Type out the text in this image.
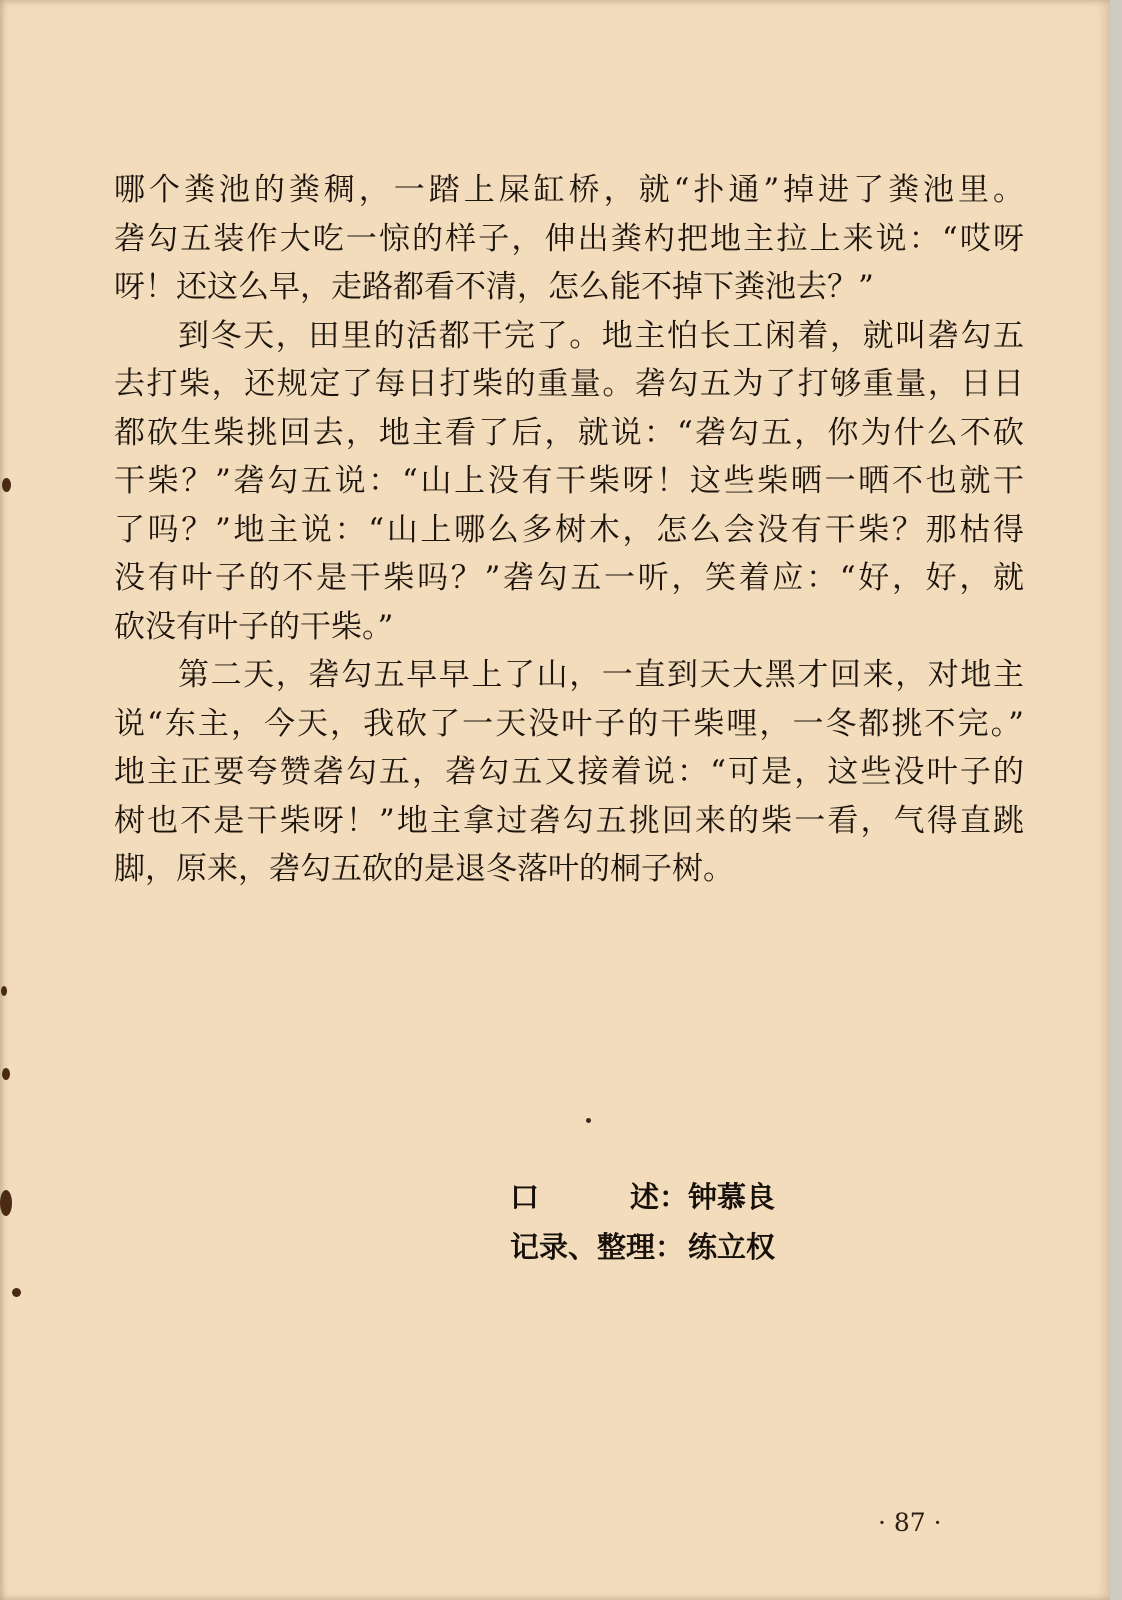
哪个粪池的粪稠，一踏上屎缸桥，就“扑通”掉进了粪池里。
砻勾五装作大吃一惊的样子，伸出粪杓把地主拉上来说：“哎呀
呀！还这么早，走路都看不清，怎么能不掉下粪池去？”
到冬天，田里的活都干完了。地主怕长工闲着，就叫砻勾五
去打柴，还规定了每日打柴的重量。砻勾五为了打够重量，日日
都砍生柴挑回去，地主看了后，就说：“砻勾五，你为什么不砍
干柴？”砻勾五说：“山上没有干柴呀！这些柴晒一晒不也就干
了吗？”地主说：“山上哪么多树木，怎么会没有干柴？那枯得
没有叶子的不是干柴吗？”砻勾五一听，笑着应：“好，好，就
砍没有叶子的干柴。”
第二天，砻勾五早早上了山，一直到天大黑才回来，对地主
说“东主，今天，我砍了一天没叶子的干柴哩，一冬都挑不完。”
地主正要夸赞砻勾五，砻勾五又接着说：“可是，这些没叶子的
树也不是干柴呀！”地主拿过砻勾五挑回来的柴一看，气得直跳
脚，原来，砻勾五砍的是退冬落叶的桐子树。
口	述： 钟慕良
记录、整理： 练立权
· 87 ·
